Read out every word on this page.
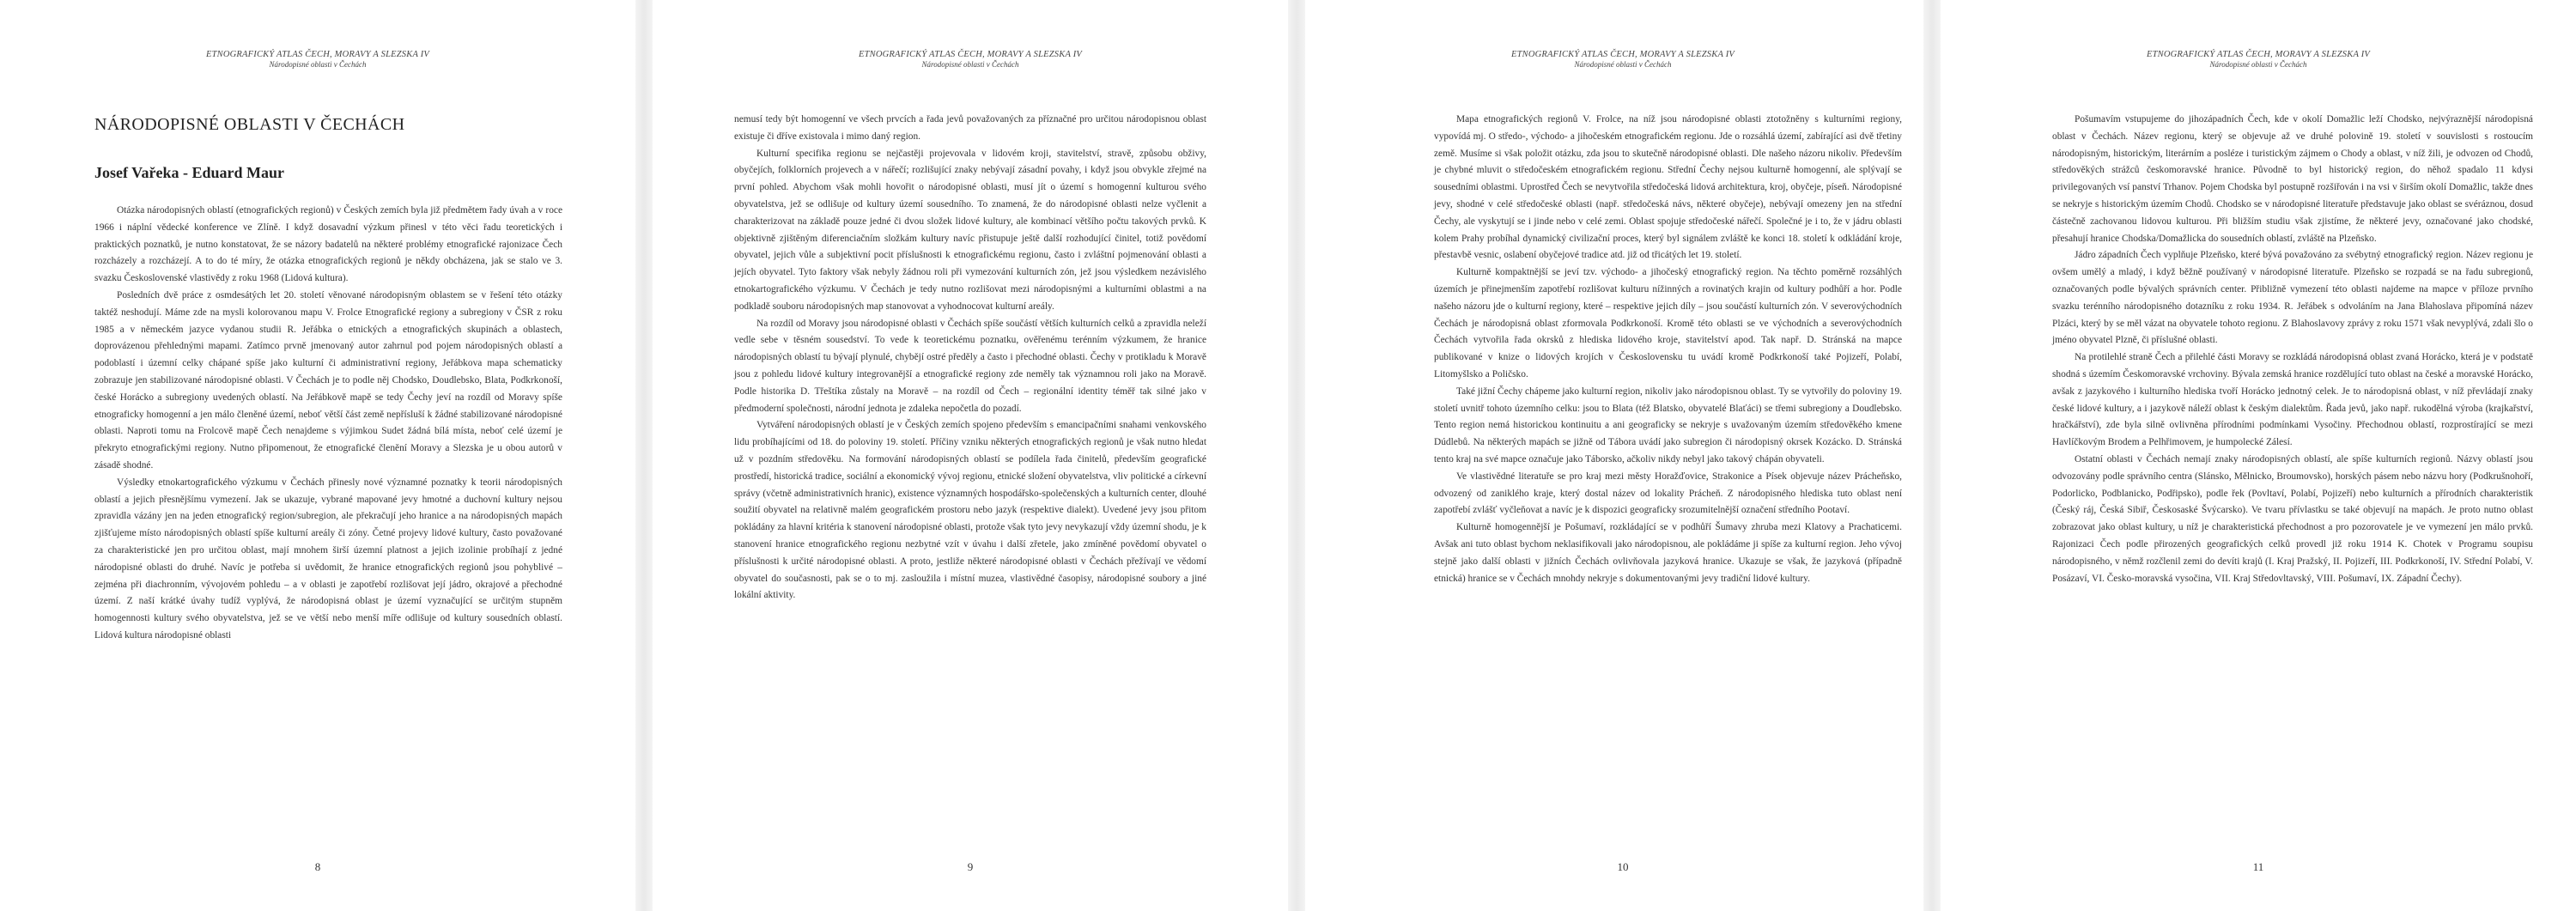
ETNOGRAFICKÝ ATLAS ČECH, MORAVY A SLEZSKA IV
Národopisné oblasti v Čechách
NÁRODOPISNÉ OBLASTI V ČECHÁCH
Josef Vařeka - Eduard Maur

Otázka národopisných oblastí (etnografických regionů) v Českých zemích byla již předmětem řady úvah a v roce 1966 i náplní vědecké konference ve Zlíně. I když dosavadní výzkum přinesl v této věci řadu teoretických i praktických poznatků, je nutno konstatovat, že se názory badatelů na některé problémy etnografické rajonizace Čech rozcházely a rozcházejí. A to do té míry, že otázka etnografických regionů je někdy obcházena, jak se stalo ve 3. svazku Československé vlastivědy z roku 1968 (Lidová kultura).

Posledních dvě práce z osmdesátých let 20. století věnované národopisným oblastem se v řešení této otázky taktéž neshodují. Máme zde na mysli kolorovanou mapu V. Frolce Etnografické regiony a subregiony v ČSR z roku 1985 a v německém jazyce vydanou studii R. Jeřábka o etnických a etnografických skupinách a oblastech, doprovázenou přehlednými mapami. Zatímco prvně jmenovaný autor zahrnul pod pojem národopisných oblastí a podoblastí i územní celky chápané spíše jako kulturní či administrativní regiony, Jeřábkova mapa schematicky zobrazuje jen stabilizované národopisné oblasti. V Čechách je to podle něj Chodsko, Doudlebsko, Blata, Podkrkonoší, české Horácko a subregiony uvedených oblastí. Na Jeřábkově mapě se tedy Čechy jeví na rozdíl od Moravy spíše etnograficky homogenní a jen málo členěné území, neboť větší část země nepřísluší k žádné stabilizované národopisné oblasti. Naproti tomu na Frolcově mapě Čech nenajdeme s výjimkou Sudet žádná bílá místa, neboť celé území je překryto etnografickými regiony. Nutno připomenout, že etnografické členění Moravy a Slezska je u obou autorů v zásadě shodné.

Výsledky etnokartografického výzkumu v Čechách přinesly nové významné poznatky k teorii národopisných oblastí a jejich přesnějšímu vymezení. Jak se ukazuje, vybrané mapované jevy hmotné a duchovní kultury nejsou zpravidla vázány jen na jeden etnografický region/subregion, ale překračují jeho hranice a na národopisných mapách zjišťujeme místo národopisných oblastí spíše kulturní areály či zóny. Četné projevy lidové kultury, často považované za charakteristické jen pro určitou oblast, mají mnohem širší územní platnost a jejich izolinie probíhají z jedné národopisné oblasti do druhé. Navíc je potřeba si uvědomit, že hranice etnografických regionů jsou pohyblivé – zejména při diachronním, vývojovém pohledu – a v oblasti je zapotřebí rozlišovat její jádro, okrajové a přechodné území. Z naší krátké úvahy tudíž vyplývá, že národopisná oblast je území vyznačující se určitým stupněm homogennosti kultury svého obyvatelstva, jež se ve větší nebo menší míře odlišuje od kultury sousedních oblastí. Lidová kultura národopisné oblasti

8
ETNOGRAFICKÝ ATLAS ČECH, MORAVY A SLEZSKA IV
Národopisné oblasti v Čechách

nemusí tedy být homogenní ve všech prvcích a řada jevů považovaných za příznačné pro určitou národopisnou oblast existuje či dříve existovala i mimo daný region.

Kulturní specifika regionu se nejčastěji projevovala v lidovém kroji, stavitelství, stravě, způsobu obživy, obyčejích, folklorních projevech a v nářečí; rozlišující znaky nebývají zásadní povahy, i když jsou obvykle zřejmé na první pohled. Abychom však mohli hovořit o národopisné oblasti, musí jít o území s homogenní kulturou svého obyvatelstva, jež se odlišuje od kultury území sousedního. To znamená, že do národopisné oblasti nelze vyčlenit a charakterizovat na základě pouze jedné či dvou složek lidové kultury, ale kombinací většího počtu takových prvků. K objektivně zjištěným diferenciačním složkám kultury navíc přistupuje ještě další rozhodující činitel, totiž povědomí obyvatel, jejich vůle a subjektivní pocit příslušnosti k etnografickému regionu, často i zvláštní pojmenování oblasti a jejích obyvatel. Tyto faktory však nebyly žádnou roli při vymezování kulturních zón, jež jsou výsledkem nezávislého etnokartografického výzkumu. V Čechách je tedy nutno rozlišovat mezi národopisnými a kulturními oblastmi a na podkladě souboru národopisných map stanovovat a vyhodnocovat kulturní areály.

Na rozdíl od Moravy jsou národopisné oblasti v Čechách spíše součástí větších kulturních celků a zpravidla neleží vedle sebe v těsném sousedství. To vede k teoretickému poznatku, ověřenému terénním výzkumem, že hranice národopisných oblastí tu bývají plynulé, chybějí ostré předěly a často i přechodné oblasti. Čechy v protikladu k Moravě jsou z pohledu lidové kultury integrovanější a etnografické regiony zde neměly tak významnou roli jako na Moravě. Podle historika D. Třeštíka zůstaly na Moravě – na rozdíl od Čech – regionální identity téměř tak silné jako v předmoderní společnosti, národní jednota je zdaleka nepočetla do pozadí.

Vytváření národopisných oblastí je v Českých zemích spojeno především s emancipačními snahami venkovského lidu probíhajícími od 18. do poloviny 19. století. Příčiny vzniku některých etnografických regionů je však nutno hledat už v pozdním středověku. Na formování národopisných oblastí se podílela řada činitelů, především geografické prostředí, historická tradice, sociální a ekonomický vývoj regionu, etnické složení obyvatelstva, vliv politické a církevní správy (včetně administrativních hranic), existence významných hospodářsko-společenských a kulturních center, dlouhé soužití obyvatel na relativně malém geografickém prostoru nebo jazyk (respektive dialekt). Uvedené jevy jsou přitom pokládány za hlavní kritéria k stanovení národopisné oblasti, protože však tyto jevy nevykazují vždy územní shodu, je k stanovení hranice etnografického regionu nezbytné vzít v úvahu i další zřetele, jako zmíněné povědomí obyvatel o příslušnosti k určité národopisné oblasti. A proto, jestliže některé národopisné oblasti v Čechách přežívají ve vědomí obyvatel do současnosti, pak se o to mj. zasloužila i místní muzea, vlastivědné časopisy, národopisné soubory a jiné lokální aktivity.

9
ETNOGRAFICKÝ ATLAS ČECH, MORAVY A SLEZSKA IV
Národopisné oblasti v Čechách

Mapa etnografických regionů V. Frolce, na níž jsou národopisné oblasti ztotožněny s kulturními regiony, vypovídá mj. O středo-, východo- a jihočeském etnografickém regionu. Jde o rozsáhlá území, zabírající asi dvě třetiny země. Musíme si však položit otázku, zda jsou to skutečně národopisné oblasti. Dle našeho názoru nikoliv. Především je chybné mluvit o středočeském etnografickém regionu. Střední Čechy nejsou kulturně homogenní, ale splývají se sousedními oblastmi. Uprostřed Čech se nevytvořila středočeská lidová architektura, kroj, obyčeje, píseň. Národopisné jevy, shodné v celé středočeské oblasti (např. středočeská návs, některé obyčeje), nebývají omezeny jen na střední Čechy, ale vyskytují se i jinde nebo v celé zemi. Oblast spojuje středočeské nářečí. Společné je i to, že v jádru oblasti kolem Prahy probíhal dynamický civilizační proces, který byl signálem zvláště ke konci 18. století k odkládání kroje, přestavbě vesnic, oslabení obyčejové tradice atd. již od třicátých let 19. století.

Kulturně kompaktnější se jeví tzv. východo- a jihočeský etnografický region. Na těchto poměrně rozsáhlých územích je přinejmenším zapotřebí rozlišovat kulturu nížinných a rovinatých krajin od kultury podhůří a hor. Podle našeho názoru jde o kulturní regiony, které – respektive jejich díly – jsou součástí kulturních zón. V severovýchodních Čechách je národopisná oblast zformovala Podkrkonoší. Kromě této oblasti se ve východních a severovýchodních Čechách vytvořila řada okrsků z hlediska lidového kroje, stavitelství apod. Tak např. D. Stránská na mapce publikované v knize o lidových krojích v Československu tu uvádí kromě Podkrkonoší také Pojizeří, Polabí, Litomyšlsko a Poličsko.

Také jižní Čechy chápeme jako kulturní region, nikoliv jako národopisnou oblast. Ty se vytvořily do poloviny 19. století uvnitř tohoto územního celku: jsou to Blata (též Blatsko, obyvatelé Blaťáci) se třemi subregiony a Doudlebsko. Tento region nemá historickou kontinuitu a ani geograficky se nekryje s uvažovaným územím středověkého kmene Dúdlebů. Na některých mapách se jižně od Tábora uvádí jako subregion či národopisný okrsek Kozácko. D. Stránská tento kraj na své mapce označuje jako Táborsko, ačkoliv nikdy nebyl jako takový chápán obyvateli.

Ve vlastivědné literatuře se pro kraj mezi městy Horažďovice, Strakonice a Písek objevuje název Prácheňsko, odvozený od zaniklého kraje, který dostal název od lokality Prácheň. Z národopisného hlediska tuto oblast není zapotřebí zvlášť vyčleňovat a navíc je k dispozici geograficky srozumitelnější označení středního Pootaví.

Kulturně homogennější je Pošumaví, rozkládající se v podhůří Šumavy zhruba mezi Klatovy a Prachaticemi. Avšak ani tuto oblast bychom neklasifikovali jako národopisnou, ale pokládáme ji spíše za kulturní region. Jeho vývoj stejně jako další oblasti v jižních Čechách ovlivňovala jazyková hranice. Ukazuje se však, že jazyková (případně etnická) hranice se v Čechách mnohdy nekryje s dokumentovanými jevy tradiční lidové kultury.

10
ETNOGRAFICKÝ ATLAS ČECH, MORAVY A SLEZSKA IV
Národopisné oblasti v Čechách

Pošumavím vstupujeme do jihozápadních Čech, kde v okolí Domažlic leží Chodsko, nejvýraznější národopisná oblast v Čechách. Název regionu, který se objevuje až ve druhé polovině 19. století v souvislosti s rostoucím národopisným, historickým, literárním a posléze i turistickým zájmem o Chody a oblast, v níž žili, je odvozen od Chodů, středověkých strážců českomoravské hranice. Původně to byl historický region, do něhož spadalo 11 kdysi privilegovaných vsí panství Trhanov. Pojem Chodska byl postupně rozšiřován i na vsi v širším okolí Domažlic, takže dnes se nekryje s historickým územím Chodů. Chodsko se v národopisné literatuře představuje jako oblast se svéráznou, dosud částečně zachovanou lidovou kulturou. Při bližším studiu však zjistíme, že některé jevy, označované jako chodské, přesahují hranice Chodska/Domažlicka do sousedních oblastí, zvláště na Plzeňsko.

Jádro západních Čech vyplňuje Plzeňsko, které bývá považováno za svébytný etnografický region. Název regionu je ovšem umělý a mladý, i když běžně používaný v národopisné literatuře. Plzeňsko se rozpadá se na řadu subregionů, označovaných podle bývalých správních center. Přibližně vymezení této oblasti najdeme na mapce v příloze prvního svazku terénního národopisného dotazníku z roku 1934. R. Jeřábek s odvoláním na Jana Blahoslava připomíná název Plzáci, který by se měl vázat na obyvatele tohoto regionu. Z Blahoslavovy zprávy z roku 1571 však nevyplývá, zdali šlo o jméno obyvatel Plzně, či příslušné oblasti.

Na protilehlé straně Čech a přilehlé části Moravy se rozkládá národopisná oblast zvaná Horácko, která je v podstatě shodná s územím Českomoravské vrchoviny. Bývala zemská hranice rozdělující tuto oblast na české a moravské Horácko, avšak z jazykového i kulturního hlediska tvoří Horácko jednotný celek. Je to národopisná oblast, v níž převládají znaky české lidové kultury, a i jazykově náleží oblast k českým dialektům. Řada jevů, jako např. rukodělná výroba (krajkařství, hračkářství), zde byla silně ovlivněna přírodními podmínkami Vysočiny. Přechodnou oblastí, rozprostírající se mezi Havlíčkovým Brodem a Pelhřimovem, je humpolecké Zálesí.

Ostatní oblasti v Čechách nemají znaky národopisných oblastí, ale spíše kulturních regionů. Názvy oblastí jsou odvozovány podle správního centra (Slánsko, Mělnicko, Broumovsko), horských pásem nebo názvu hory (Podkrušnohoří, Podorlicko, Podblanicko, Podřipsko), podle řek (Povltaví, Polabí, Pojizeří) nebo kulturních a přírodních charakteristik (Český ráj, Česká Sibiř, Českosaské Švýcarsko). Ve tvaru přívlastku se také objevují na mapách. Je proto nutno oblast zobrazovat jako oblast kultury, u níž je charakteristická přechodnost a pro pozorovatele je ve vymezení jen málo prvků. Rajonizaci Čech podle přirozených geografických celků provedl již roku 1914 K. Chotek v Programu soupisu národopisného, v němž rozčlenil zemi do devíti krajů (I. Kraj Pražský, II. Pojizeří, III. Podkrkonoší, IV. Střední Polabí, V. Posázaví, VI. Česko-moravská vysočina, VII. Kraj Středovltavský, VIII. Pošumaví, IX. Západní Čechy).

11
